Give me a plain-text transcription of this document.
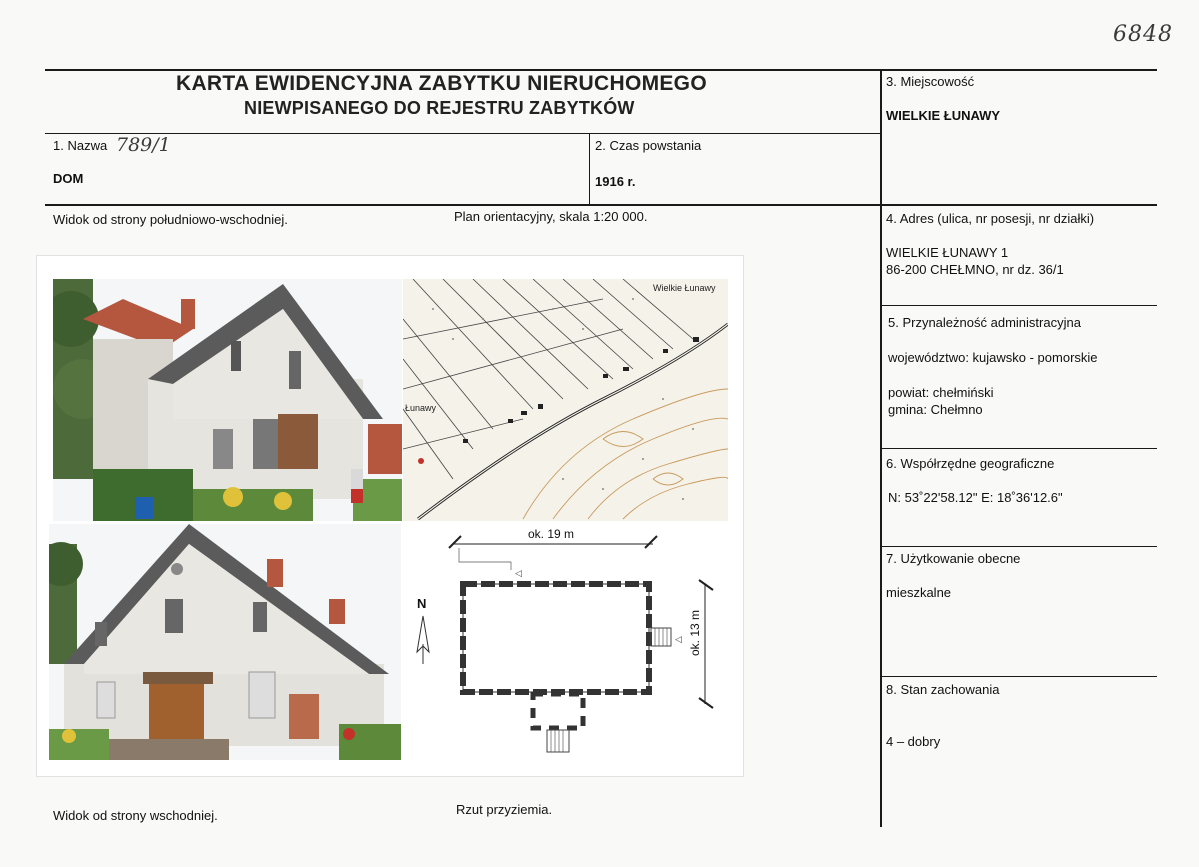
6848
KARTA EWIDENCYJNA ZABYTKU NIERUCHOMEGO
NIEWPISANEGO DO REJESTRU ZABYTKÓW
1. Nazwa 789/1
DOM
2. Czas powstania
1916 r.
3. Miejscowość
WIELKIE ŁUNAWY
4. Adres (ulica, nr posesji, nr działki)
WIELKIE ŁUNAWY 1
86-200 CHEŁMNO, nr dz. 36/1
5. Przynależność administracyjna
województwo: kujawsko - pomorskie
powiat: chełmiński
gmina: Chełmno
6. Współrzędne geograficzne
N: 53˚22'58.12" E: 18˚36'12.6"
7. Użytkowanie obecne
mieszkalne
8. Stan zachowania
4 – dobry
Widok od strony południowo-wschodniej.	Plan orientacyjny, skala 1:20 000.
Widok od strony wschodniej.	Rzut przyziemia.
Wielkie Łunawy
Łunawy
ok. 19 m
◁
ok. 13 m
◁
N
